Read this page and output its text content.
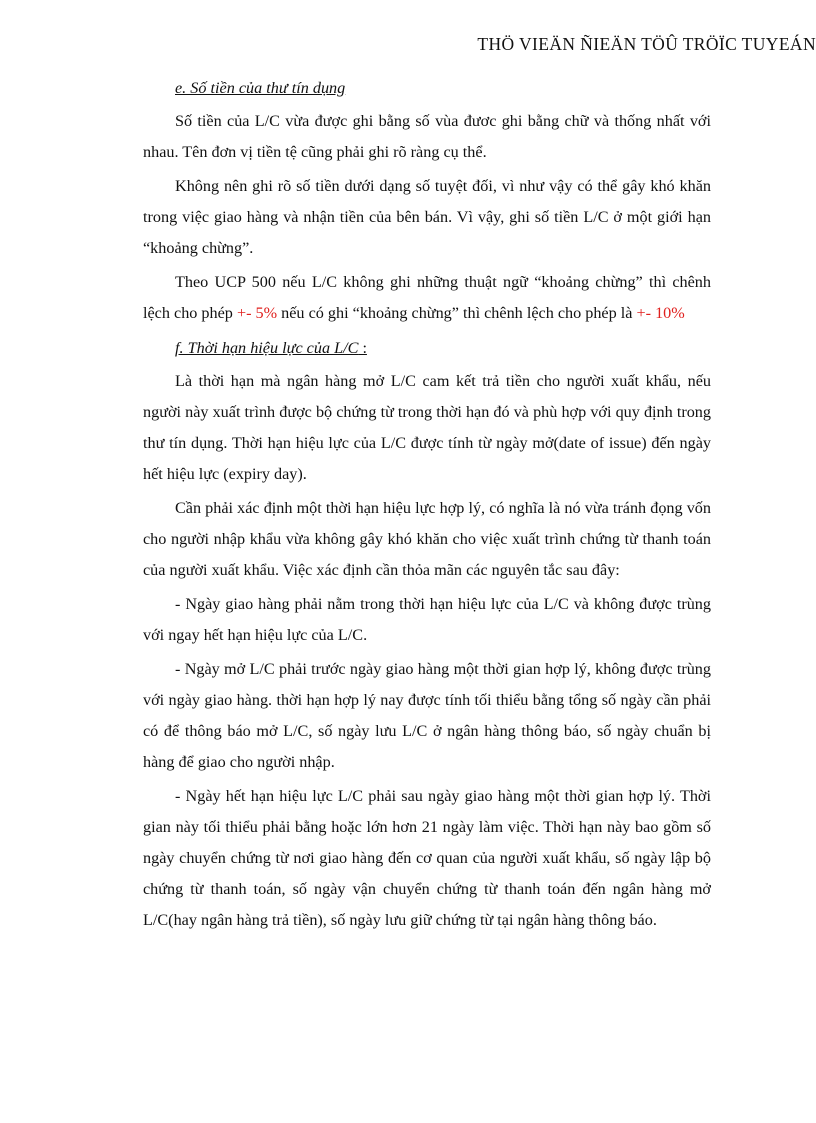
THÖ VIEÄN ÑIEÄN TÖÛ TRÖÏC TUYEÁN

e. Số tiền của thư tín dụng

Số tiền của L/C vừa được ghi bằng số vùa đươc ghi bằng chữ và thống nhất với nhau. Tên đơn vị tiền tệ cũng phải ghi rõ ràng cụ thể.

Không nên ghi rõ số tiền dưới dạng số tuyệt đối, vì như vậy có thể gây khó khăn trong việc giao hàng và nhận tiền của bên bán. Vì vậy, ghi số tiền L/C ở một giới hạn “khoảng chừng”.

Theo UCP 500 nếu L/C không ghi những thuật ngữ “khoảng chừng” thì chênh lệch cho phép +- 5% nếu có ghi “khoảng chừng” thì chênh lệch cho phép là +- 10%

f. Thời hạn hiệu lực của L/C :

Là thời hạn mà ngân hàng mở L/C cam kết trả tiền cho người xuất khẩu, nếu người này xuất trình được bộ chứng từ trong thời hạn đó và phù hợp với quy định trong thư tín dụng. Thời hạn hiệu lực của L/C được tính từ ngày mở(date of issue) đến ngày hết hiệu lực (expiry day).

Cần phải xác định một thời hạn hiệu lực hợp lý, có nghĩa là nó vừa tránh đọng vốn cho người nhập khẩu vừa không gây khó khăn cho việc xuất trình chứng từ thanh toán của người xuất khẩu. Việc xác định cần thỏa mãn các nguyên tắc sau đây:

- Ngày giao hàng phải nằm trong thời hạn hiệu lực của L/C và không được trùng với ngay hết hạn hiệu lực của L/C.

- Ngày mở L/C phải trước ngày giao hàng một thời gian hợp lý, không được trùng với ngày giao hàng. thời hạn hợp lý nay được tính tối thiểu bằng tổng số ngày cần phải có để thông báo mở L/C, số ngày lưu L/C ở ngân hàng thông báo, số ngày chuẩn bị hàng để giao cho người nhập.

- Ngày hết hạn hiệu lực L/C phải sau ngày giao hàng một thời gian hợp lý. Thời gian này tối thiểu phải bằng hoặc lớn hơn 21 ngày làm việc. Thời hạn này bao gồm số ngày chuyển chứng từ nơi giao hàng đến cơ quan của người xuất khẩu, số ngày lập bộ chứng từ thanh toán, số ngày vận chuyển chứng từ thanh toán đến ngân hàng mở L/C(hay ngân hàng trả tiền), số ngày lưu giữ chứng từ tại ngân hàng thông báo.
